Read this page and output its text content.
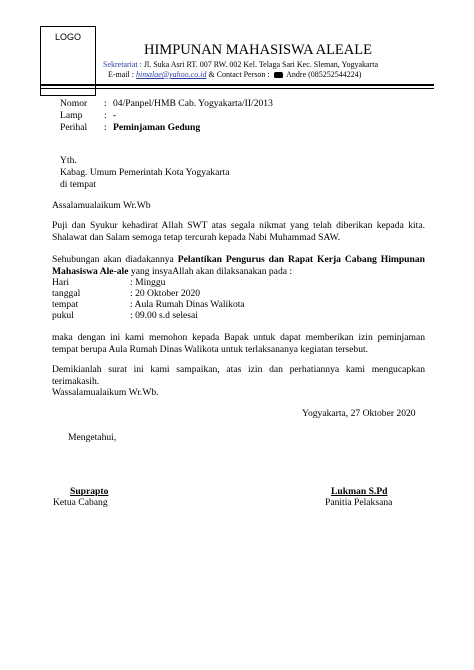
LOGO
HIMPUNAN MAHASISWA ALEALE
Sekretariat : Jl. Suka Asri RT. 007 RW. 002 Kel. Telaga Sari Kec. Sleman, Yogyakarta
E-mail : himalae@yahoo.co.id & Contact Person : Andre (085252544224)
Nomor : 04/Panpel/HMB Cab. Yogyakarta/II/2013
Lamp : -
Perihal : Peminjaman Gedung
Yth.
Kabag. Umum Pemerintah Kota Yogyakarta
di tempat
Assalamualaikum Wr.Wb
Puji dan Syukur kehadirat Allah SWT atas segala nikmat yang telah diberikan kepada kita. Shalawat dan Salam semoga tetap tercurah kepada Nabi Muhammad SAW.
Sehubungan akan diadakannya Pelantikan Pengurus dan Rapat Kerja Cabang Himpunan Mahasiswa Ale-ale yang insyaAllah akan dilaksanakan pada :
Hari	: Minggu
tanggal	: 20 Oktober 2020
tempat	: Aula Rumah Dinas Walikota
pukul	: 09.00 s.d selesai
maka dengan ini kami memohon kepada Bapak untuk dapat memberikan izin peminjaman tempat berupa Aula Rumah Dinas Walikota untuk terlaksananya kegiatan tersebut.
Demikianlah surat ini kami sampaikan, atas izin dan perhatiannya kami mengucapkan terimakasih.
Wassalamualaikum Wr.Wb.
Yogyakarta, 27 Oktober 2020
Mengetahui,
Suprapto
Ketua Cabang
Lukman S.Pd
Panitia Pelaksana
